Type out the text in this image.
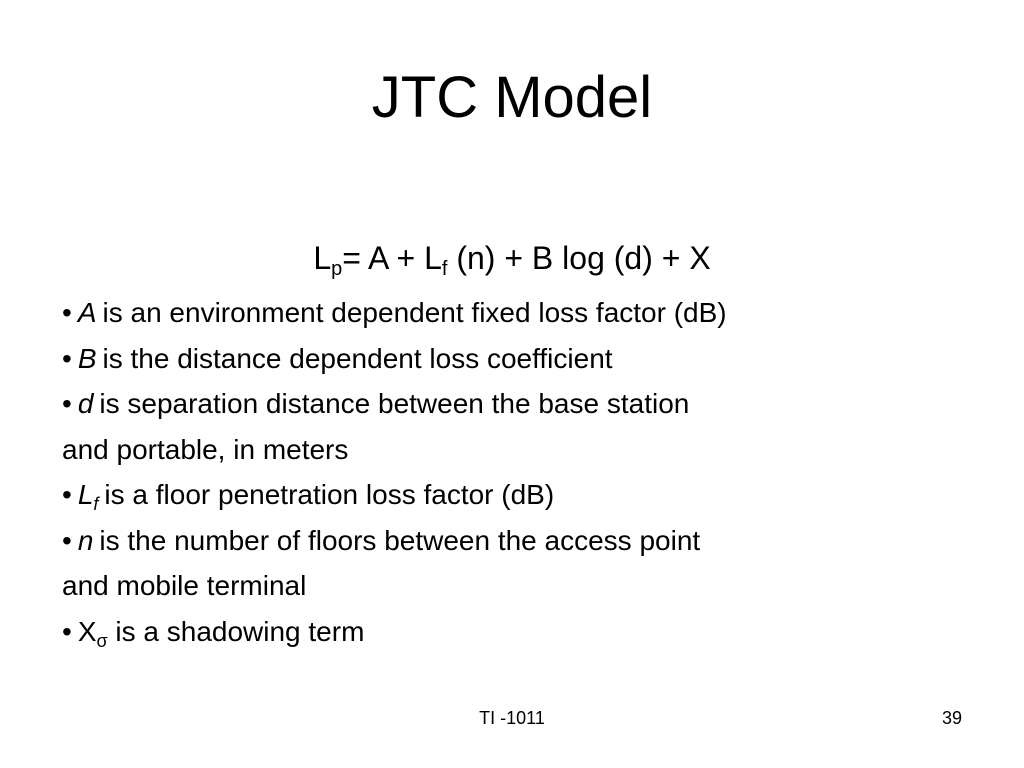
JTC Model
$L_p= A + L_f$ (n) + B log (d) + X
• A is an environment dependent fixed loss factor (dB)
• B is the distance dependent loss coefficient
• d is separation distance between the base station
and portable, in meters
• $L_f$ is a floor penetration loss factor (dB)
• n is the number of floors between the access point
and mobile terminal
• $X_\sigma$ is a shadowing term
TI -1011	39
